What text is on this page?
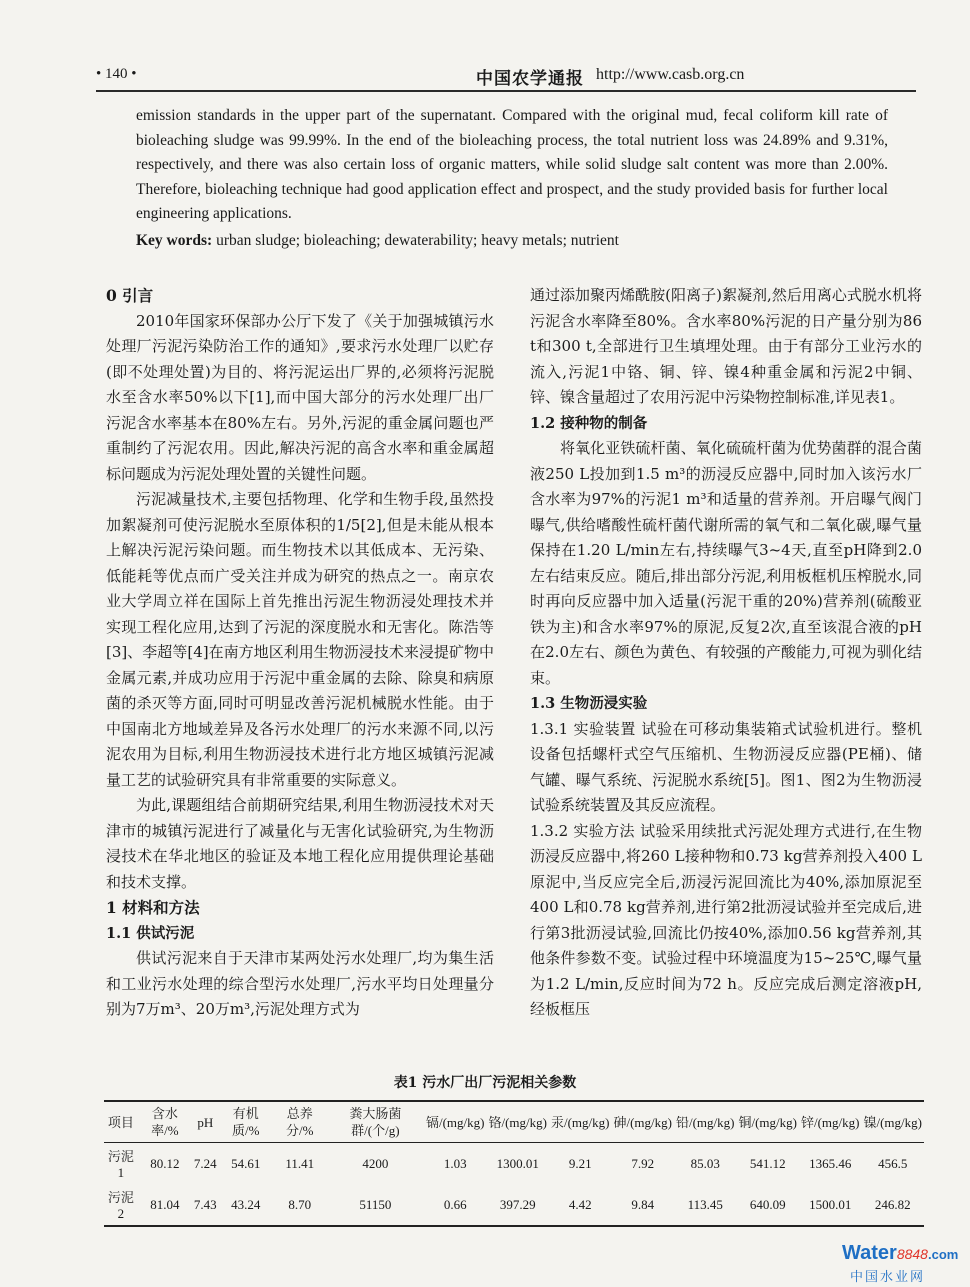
• 140 •	中国农学通报 http://www.casb.org.cn
emission standards in the upper part of the supernatant. Compared with the original mud, fecal coliform kill rate of bioleaching sludge was 99.99%. In the end of the bioleaching process, the total nutrient loss was 24.89% and 9.31%, respectively, and there was also certain loss of organic matters, while solid sludge salt content was more than 2.00%. Therefore, bioleaching technique had good application effect and prospect, and the study provided basis for further local engineering applications.
Key words: urban sludge; bioleaching; dewaterability; heavy metals; nutrient

0 引言

2010年国家环保部办公厅下发了《关于加强城镇污水处理厂污泥污染防治工作的通知》,要求污水处理厂以贮存(即不处理处置)为目的、将污泥运出厂界的,必须将污泥脱水至含水率50%以下[1],而中国大部分的污水处理厂出厂污泥含水率基本在80%左右。另外,污泥的重金属问题也严重制约了污泥农用。因此,解决污泥的高含水率和重金属超标问题成为污泥处理处置的关键性问题。

污泥减量技术,主要包括物理、化学和生物手段,虽然投加絮凝剂可使污泥脱水至原体积的1/5[2],但是未能从根本上解决污泥污染问题。而生物技术以其低成本、无污染、低能耗等优点而广受关注并成为研究的热点之一。南京农业大学周立祥在国际上首先推出污泥生物沥浸处理技术并实现工程化应用,达到了污泥的深度脱水和无害化。陈浩等[3]、李超等[4]在南方地区利用生物沥浸技术来浸提矿物中金属元素,并成功应用于污泥中重金属的去除、除臭和病原菌的杀灭等方面,同时可明显改善污泥机械脱水性能。由于中国南北方地域差异及各污水处理厂的污水来源不同,以污泥农用为目标,利用生物沥浸技术进行北方地区城镇污泥减量工艺的试验研究具有非常重要的实际意义。

为此,课题组结合前期研究结果,利用生物沥浸技术对天津市的城镇污泥进行了减量化与无害化试验研究,为生物沥浸技术在华北地区的验证及本地工程化应用提供理论基础和技术支撑。

1 材料和方法

1.1 供试污泥

供试污泥来自于天津市某两处污水处理厂,均为集生活和工业污水处理的综合型污水处理厂,污水平均日处理量分别为7万m³、20万m³,污泥处理方式为

通过添加聚丙烯酰胺(阳离子)絮凝剂,然后用离心式脱水机将污泥含水率降至80%。含水率80%污泥的日产量分别为86 t和300 t,全部进行卫生填埋处理。由于有部分工业污水的流入,污泥1中铬、铜、锌、镍4种重金属和污泥2中铜、锌、镍含量超过了农用污泥中污染物控制标准,详见表1。

1.2 接种物的制备

将氧化亚铁硫杆菌、氧化硫硫杆菌为优势菌群的混合菌液250 L投加到1.5 m³的沥浸反应器中,同时加入该污水厂含水率为97%的污泥1 m³和适量的营养剂。开启曝气阀门曝气,供给嗜酸性硫杆菌代谢所需的氧气和二氧化碳,曝气量保持在1.20 L/min左右,持续曝气3~4天,直至pH降到2.0左右结束反应。随后,排出部分污泥,利用板框机压榨脱水,同时再向反应器中加入适量(污泥干重的20%)营养剂(硫酸亚铁为主)和含水率97%的原泥,反复2次,直至该混合液的pH在2.0左右、颜色为黄色、有较强的产酸能力,可视为驯化结束。

1.3 生物沥浸实验

1.3.1 实验装置 试验在可移动集装箱式试验机进行。整机设备包括螺杆式空气压缩机、生物沥浸反应器(PE桶)、储气罐、曝气系统、污泥脱水系统[5]。图1、图2为生物沥浸试验系统装置及其反应流程。

1.3.2 实验方法 试验采用续批式污泥处理方式进行,在生物沥浸反应器中,将260 L接种物和0.73 kg营养剂投入400 L原泥中,当反应完全后,沥浸污泥回流比为40%,添加原泥至400 L和0.78 kg营养剂,进行第2批沥浸试验并至完成后,进行第3批沥浸试验,回流比仍按40%,添加0.56 kg营养剂,其他条件参数不变。试验过程中环境温度为15~25℃,曝气量为1.2 L/min,反应时间为72 h。反应完成后测定溶液pH,经板框压

表1 污水厂出厂污泥相关参数
项目	含水率/%	pH	有机质/%	总养分/%	粪大肠菌群/(个/g)	镉/(mg/kg)	铬/(mg/kg)	汞/(mg/kg)	砷/(mg/kg)	铅/(mg/kg)	铜/(mg/kg)	锌/(mg/kg)	镍/(mg/kg)
污泥1	80.12	7.24	54.61	11.41	4200	1.03	1300.01	9.21	7.92	85.03	541.12	1365.46	456.5
污泥2	81.04	7.43	43.24	8.70	51150	0.66	397.29	4.42	9.84	113.45	640.09	1500.01	246.82
Water8848.com
中国水业网
